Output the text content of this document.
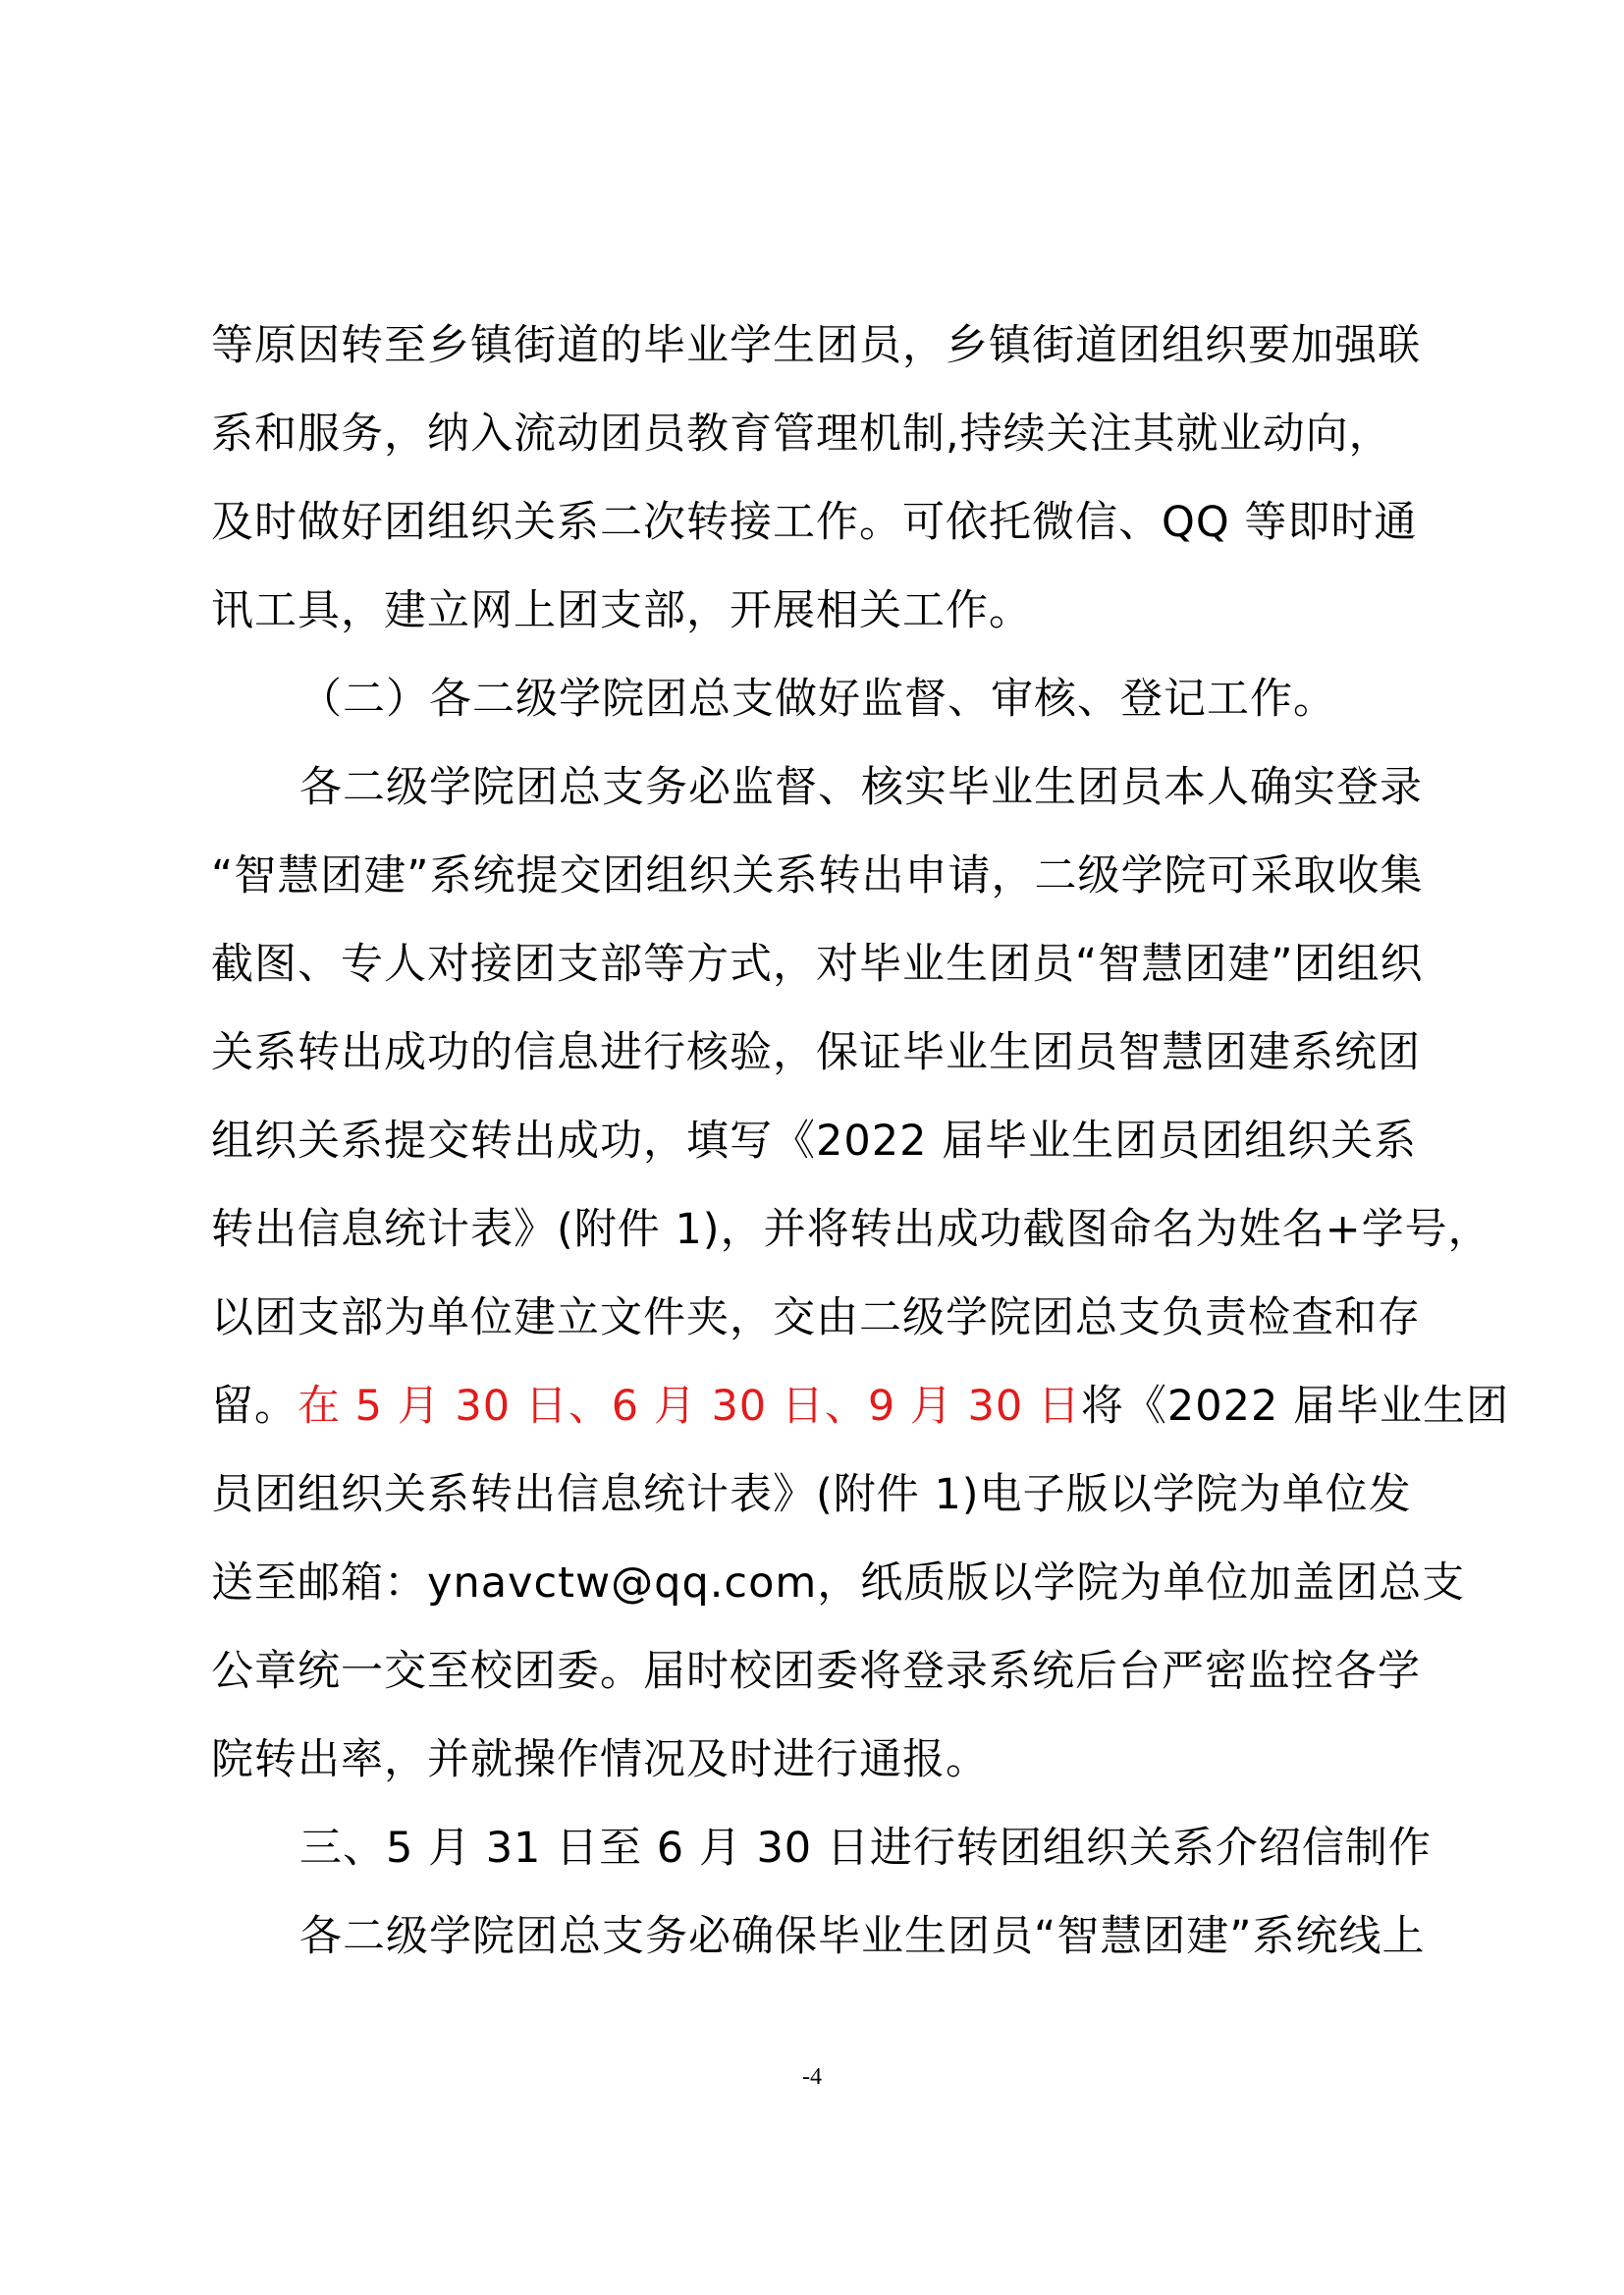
等原因转至乡镇街道的毕业学生团员，乡镇街道团组织要加强联
系和服务，纳入流动团员教育管理机制,持续关注其就业动向，
及时做好团组织关系二次转接工作。可依托微信、QQ 等即时通
讯工具，建立网上团支部，开展相关工作。
（二）各二级学院团总支做好监督、审核、登记工作。
各二级学院团总支务必监督、核实毕业生团员本人确实登录
“智慧团建”系统提交团组织关系转出申请，二级学院可采取收集
截图、专人对接团支部等方式，对毕业生团员“智慧团建”团组织
关系转出成功的信息进行核验，保证毕业生团员智慧团建系统团
组织关系提交转出成功，填写《2022 届毕业生团员团组织关系
转出信息统计表》(附件 1)，并将转出成功截图命名为姓名+学号，
以团支部为单位建立文件夹，交由二级学院团总支负责检查和存
留。在 5 月 30 日、6 月 30 日、9 月 30 日将《2022 届毕业生团
员团组织关系转出信息统计表》(附件 1)电子版以学院为单位发
送至邮箱：ynavctw@qq.com，纸质版以学院为单位加盖团总支
公章统一交至校团委。届时校团委将登录系统后台严密监控各学
院转出率，并就操作情况及时进行通报。
三、5 月 31 日至 6 月 30 日进行转团组织关系介绍信制作
各二级学院团总支务必确保毕业生团员“智慧团建”系统线上
-4
